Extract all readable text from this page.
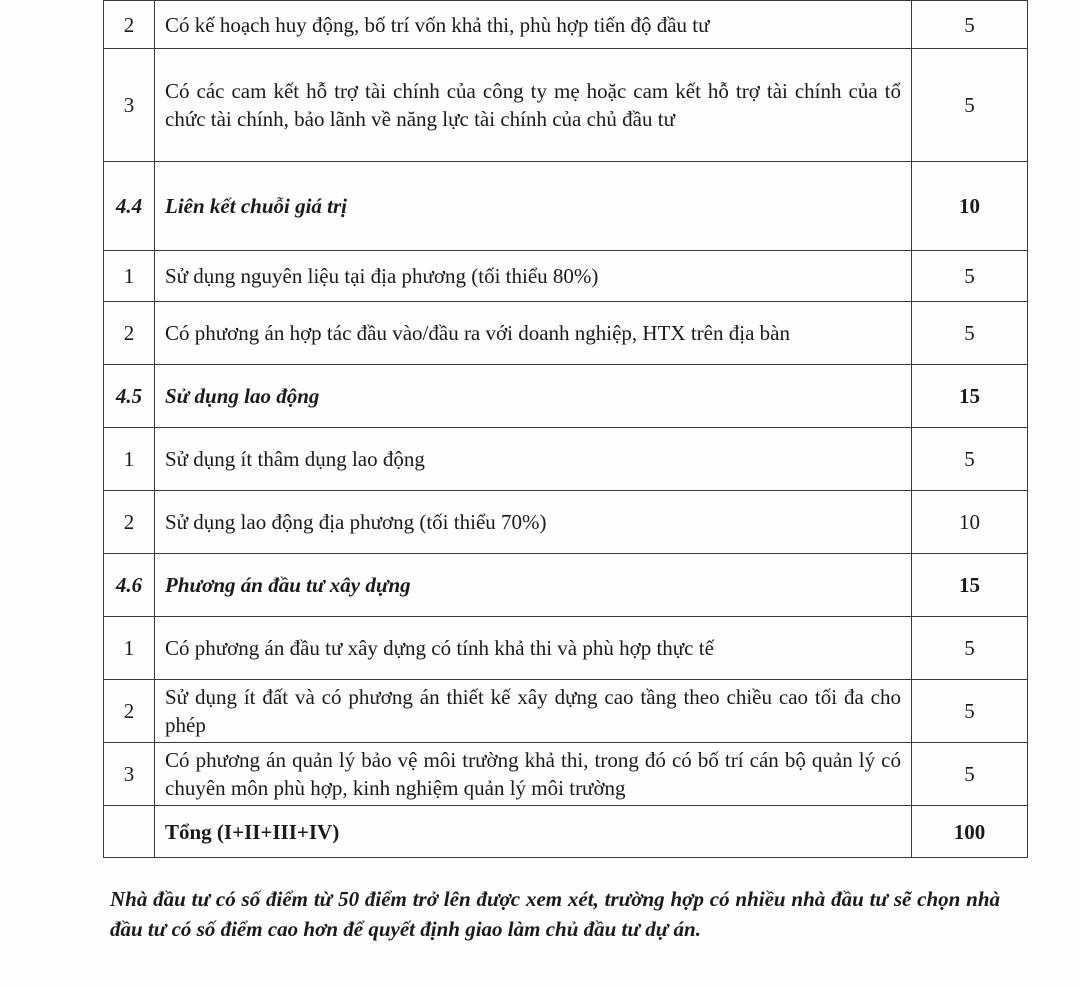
2	Có kế hoạch huy động, bố trí vốn khả thi, phù hợp tiến độ đầu tư	5
3	Có các cam kết hỗ trợ tài chính của công ty mẹ hoặc cam kết hỗ trợ tài chính của tổ chức tài chính, bảo lãnh về năng lực tài chính của chủ đầu tư	5
4.4	Liên kết chuỗi giá trị	10
1	Sử dụng nguyên liệu tại địa phương (tối thiểu 80%)	5
2	Có phương án hợp tác đầu vào/đầu ra với doanh nghiệp, HTX trên địa bàn	5
4.5	Sử dụng lao động	15
1	Sử dụng ít thâm dụng lao động	5
2	Sử dụng lao động địa phương (tối thiểu 70%)	10
4.6	Phương án đầu tư xây dựng	15
1	Có phương án đầu tư xây dựng có tính khả thi và phù hợp thực tế	5
2	Sử dụng ít đất và có phương án thiết kế xây dựng cao tầng theo chiều cao tối đa cho phép	5
3	Có phương án quản lý bảo vệ môi trường khả thi, trong đó có bố trí cán bộ quản lý có chuyên môn phù hợp, kinh nghiệm quản lý môi trường	5
	Tổng (I+II+III+IV)	100
Nhà đầu tư có số điểm từ 50 điểm trở lên được xem xét, trường hợp có nhiều nhà đầu tư sẽ chọn nhà đầu tư có số điểm cao hơn để quyết định giao làm chủ đầu tư dự án.
